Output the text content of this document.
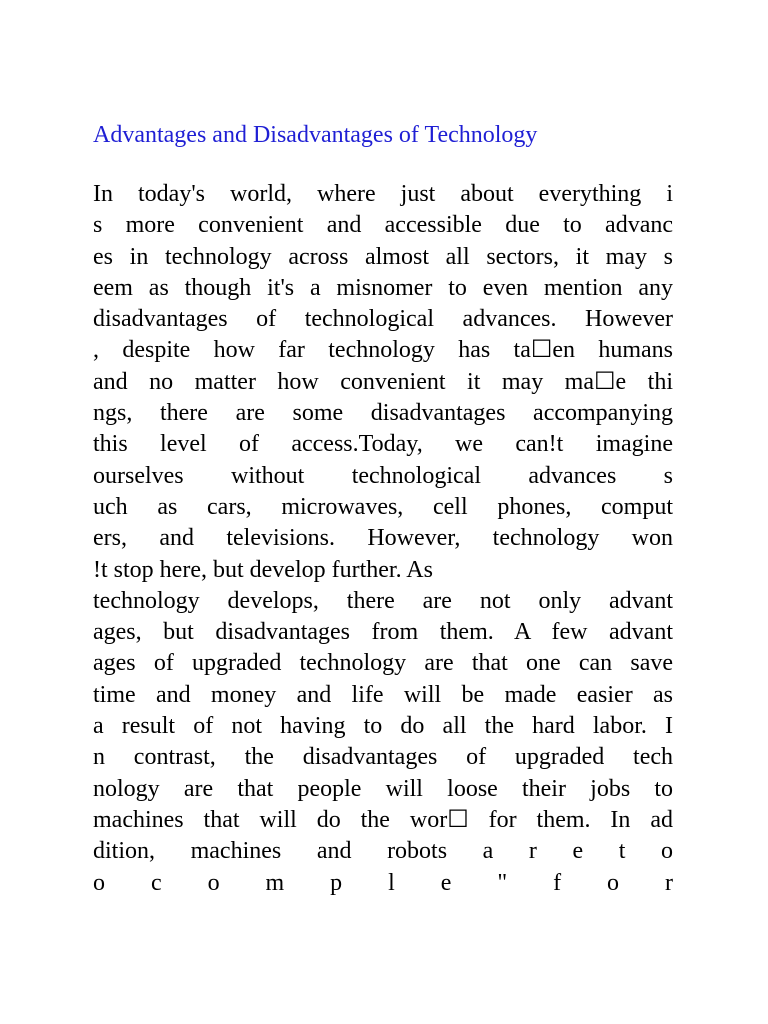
Advantages and Disadvantages of Technology
In today's world, where just about everything i
s more convenient and accessible due to advanc
es in technology across almost all sectors, it may s
eem as though it's a misnomer to even mention any
disadvantages of technological advances. However
, despite how far technology has ta☐en humans
and no matter how convenient it may ma☐e thi
ngs, there are some disadvantages accompanying
this level of access.Today, we can!t imagine
ourselves without technological advances s
uch as cars, microwaves, cell phones, comput
ers, and televisions. However, technology won
!t stop here, but develop further. As
technology develops, there are not only advant
ages, but disadvantages from them. A few advant
ages of upgraded technology are that one can save
time and money and life will be made easier as
a result of not having to do all the hard labor. I
n contrast, the disadvantages of upgraded tech
nology are that people will loose their jobs to
machines that will do the wor☐ for them. In ad
dition, machines and robots a r e t o
o c o m p l e " f o r
